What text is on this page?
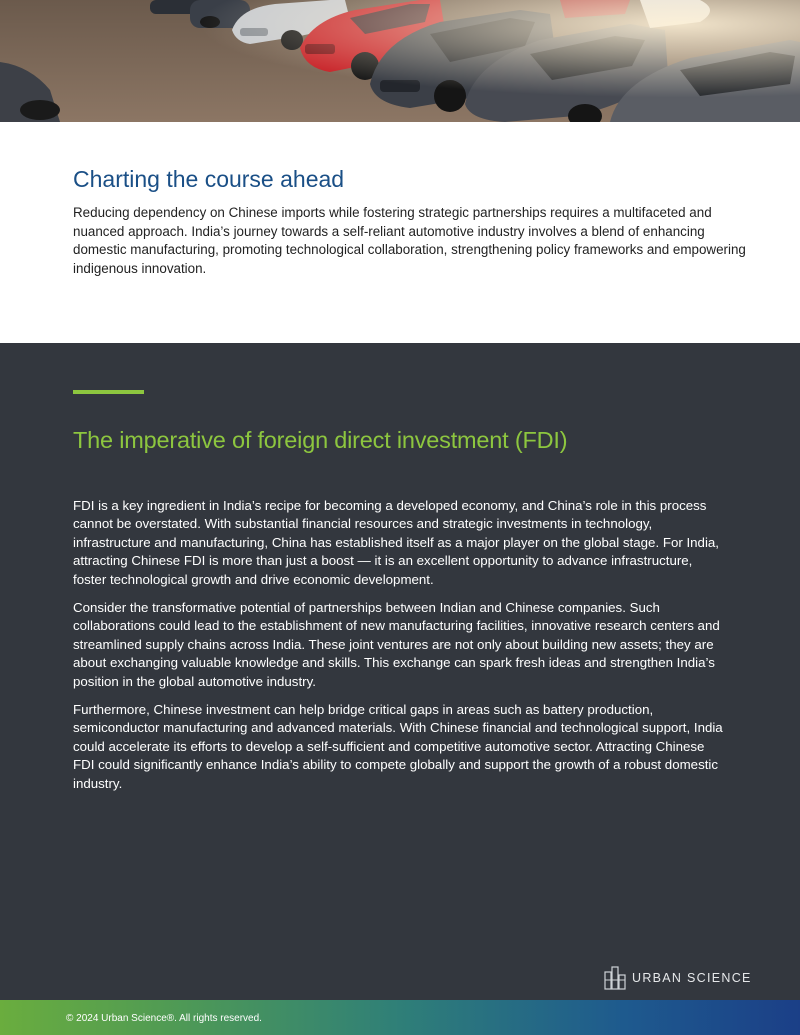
Charting the course ahead

Reducing dependency on Chinese imports while fostering strategic partnerships requires a multifaceted and nuanced approach. India’s journey towards a self-reliant automotive industry involves a blend of enhancing domestic manufacturing, promoting technological collaboration, strengthening policy frameworks and empowering indigenous innovation.

The imperative of foreign direct investment (FDI)

FDI is a key ingredient in India’s recipe for becoming a developed economy, and China’s role in this process cannot be overstated. With substantial financial resources and strategic investments in technology, infrastructure and manufacturing, China has established itself as a major player on the global stage. For India, attracting Chinese FDI is more than just a boost — it is an excellent opportunity to advance infrastructure, foster technological growth and drive economic development.

Consider the transformative potential of partnerships between Indian and Chinese companies. Such collaborations could lead to the establishment of new manufacturing facilities, innovative research centers and streamlined supply chains across India. These joint ventures are not only about building new assets; they are about exchanging valuable knowledge and skills. This exchange can spark fresh ideas and strengthen India’s position in the global automotive industry.

Furthermore, Chinese investment can help bridge critical gaps in areas such as battery production, semiconductor manufacturing and advanced materials. With Chinese financial and technological support, India could accelerate its efforts to develop a self-sufficient and competitive automotive sector. Attracting Chinese FDI could significantly enhance India’s ability to compete globally and support the growth of a robust domestic industry.

URBAN SCIENCE
© 2024 Urban Science®. All rights reserved.
